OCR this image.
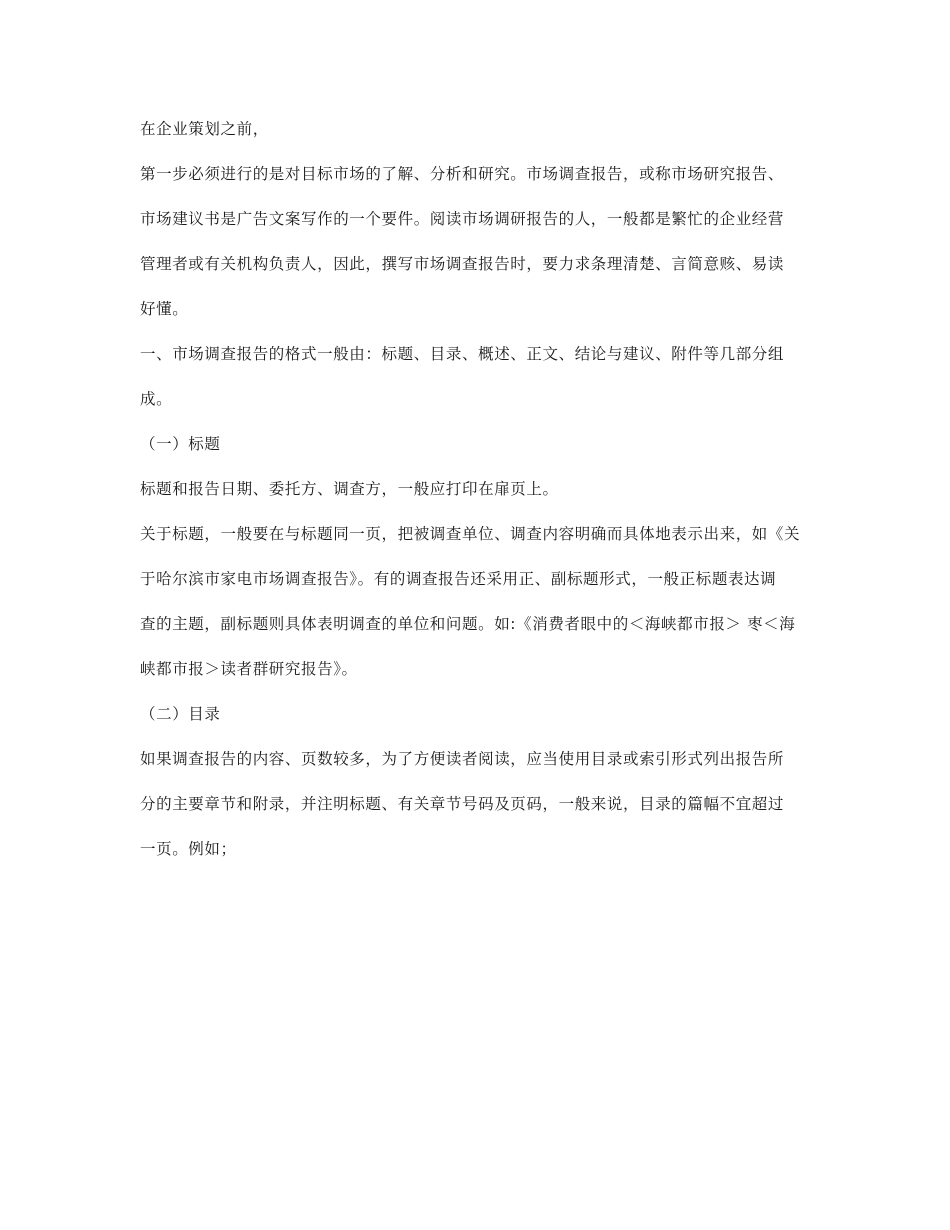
在企业策划之前，

第一步必须进行的是对目标市场的了解、分析和研究。市场调查报告，或称市场研究报告、

市场建议书是广告文案写作的一个要件。阅读市场调研报告的人，一般都是繁忙的企业经营

管理者或有关机构负责人，因此，撰写市场调查报告时，要力求条理清楚、言简意赅、易读

好懂。

一、市场调查报告的格式一般由：标题、目录、概述、正文、结论与建议、附件等几部分组

成。

（一）标题

标题和报告日期、委托方、调查方，一般应打印在扉页上。

关于标题，一般要在与标题同一页，把被调查单位、调查内容明确而具体地表示出来，如《关

于哈尔滨市家电市场调查报告》。有的调查报告还采用正、副标题形式，一般正标题表达调

查的主题，副标题则具体表明调查的单位和问题。如:《消费者眼中的＜海峡都市报＞ 枣＜海

峡都市报＞读者群研究报告》。

（二）目录

如果调查报告的内容、页数较多，为了方便读者阅读，应当使用目录或索引形式列出报告所

分的主要章节和附录，并注明标题、有关章节号码及页码，一般来说，目录的篇幅不宜超过

一页。例如；
